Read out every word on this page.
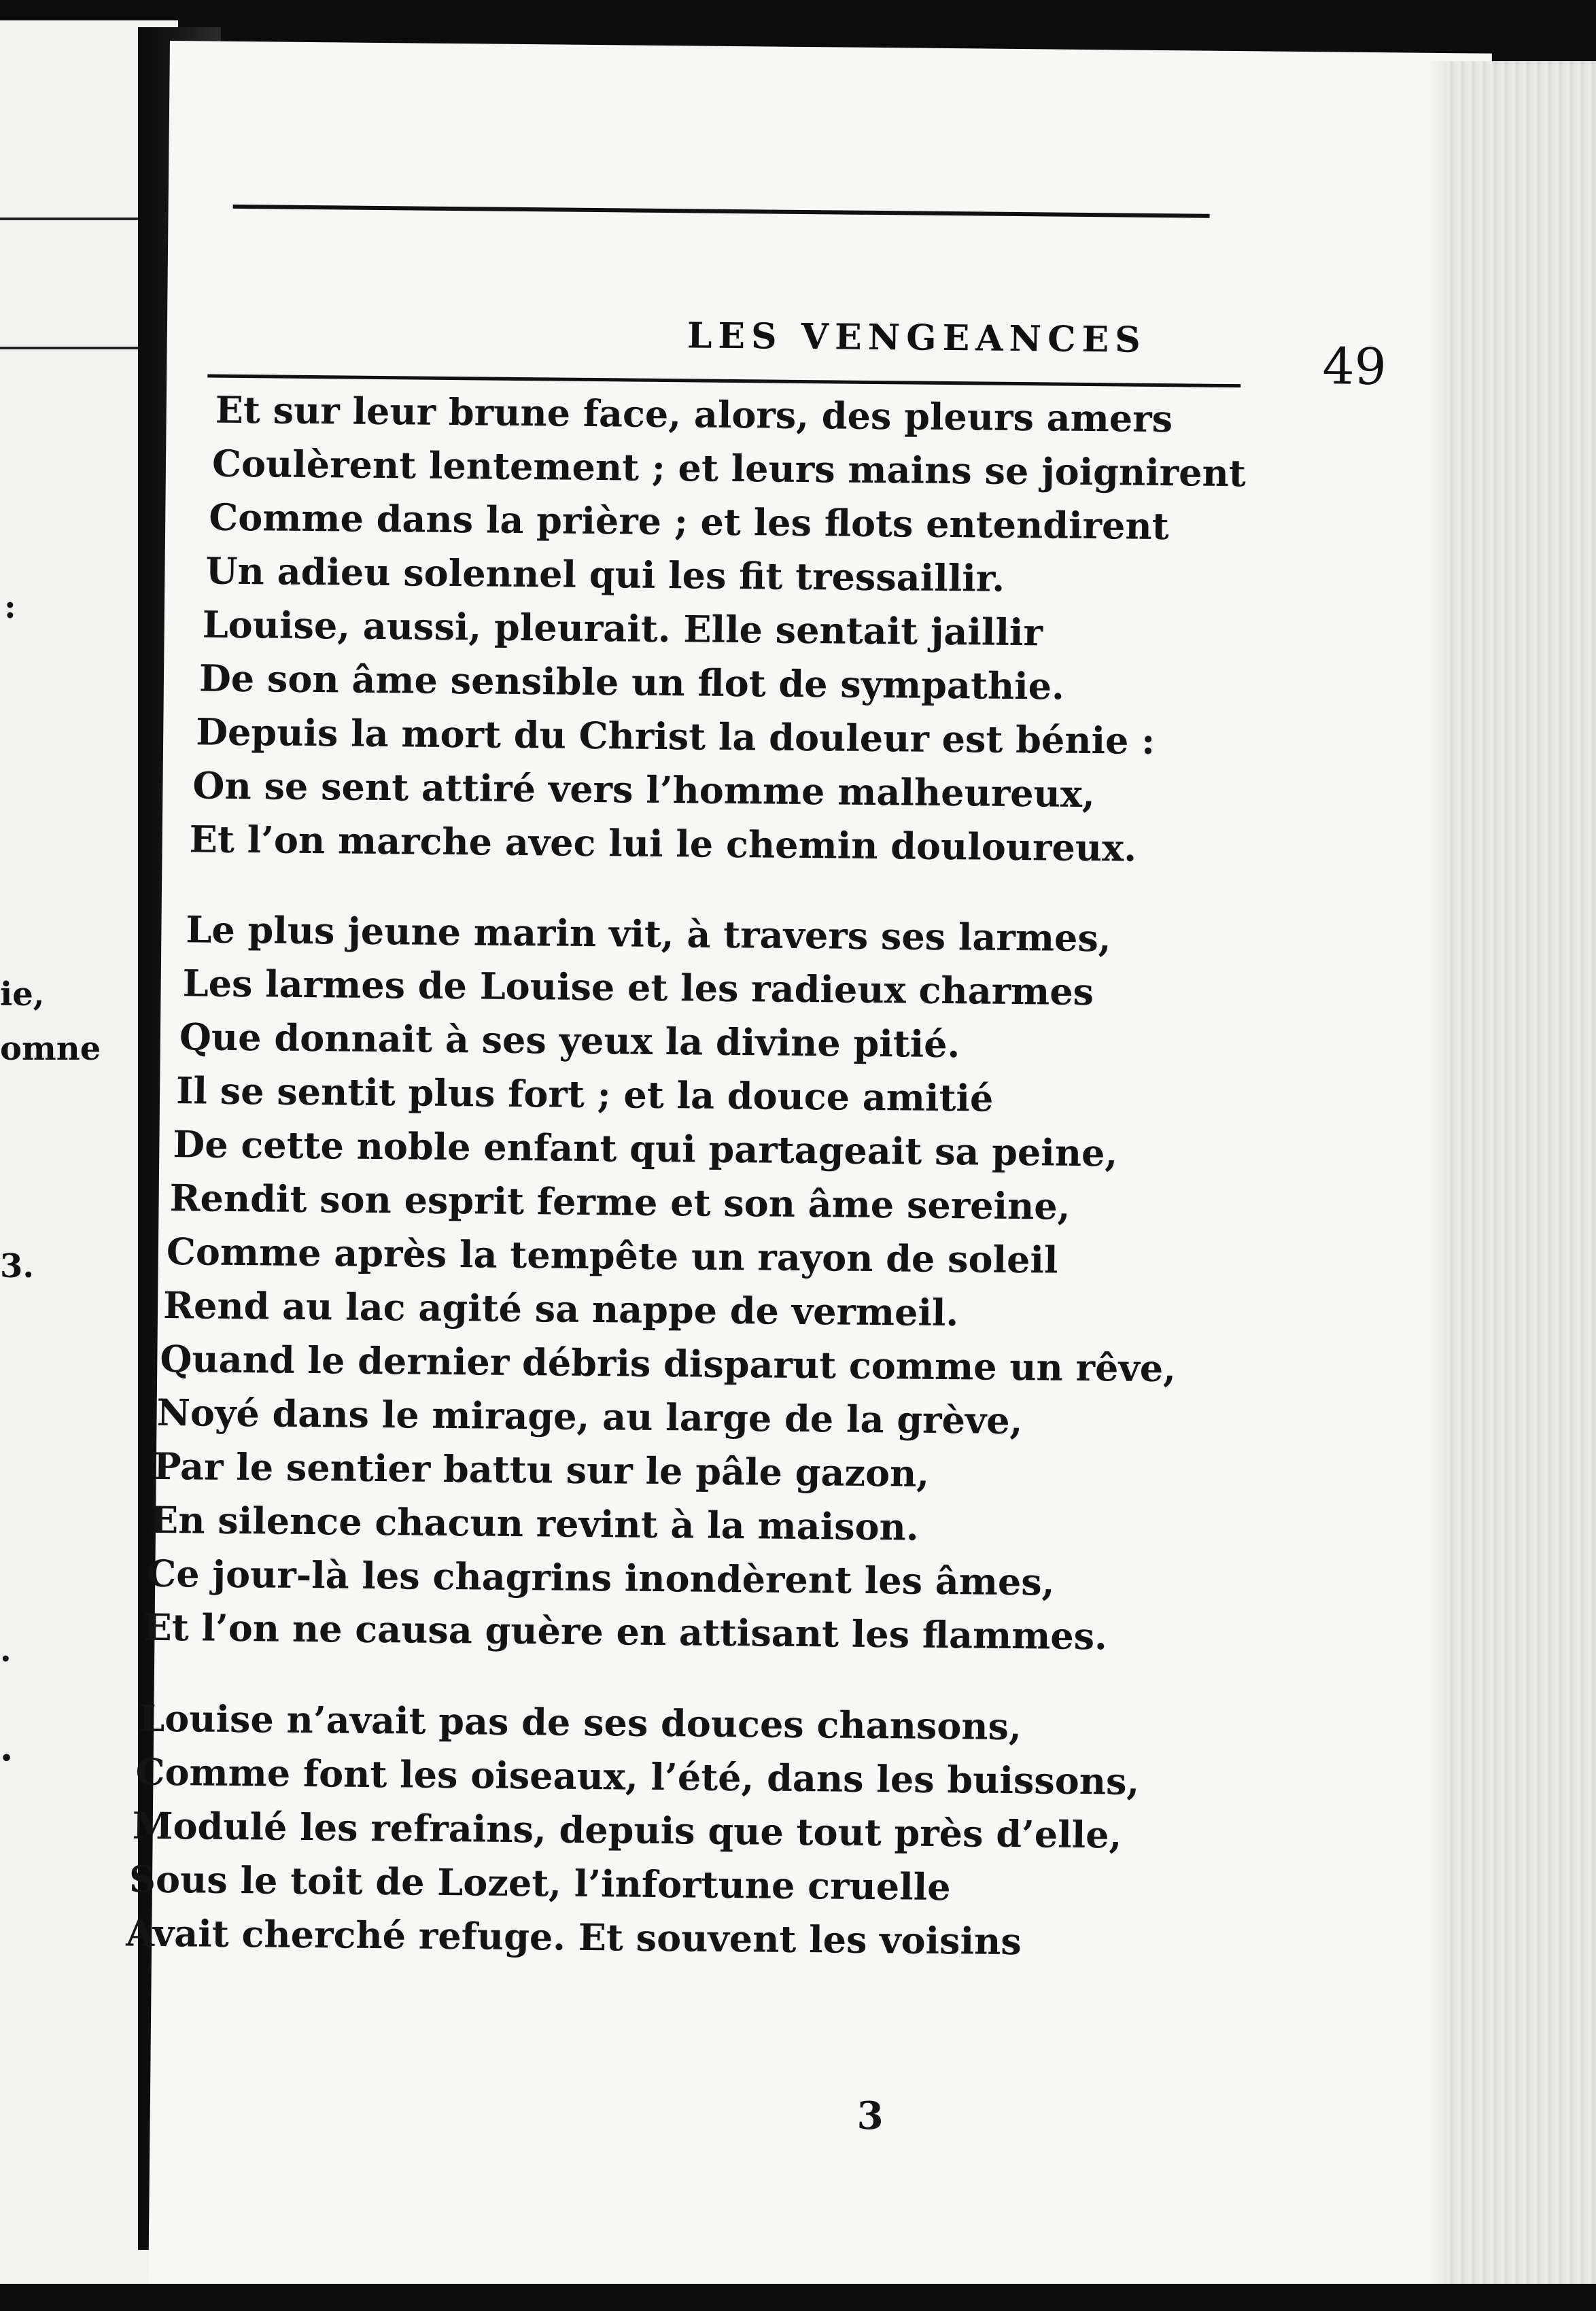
:
ie,
omne
3.
.
•
LES VENGEANCES	49
Et sur leur brune face, alors, des pleurs amers
Coulèrent lentement ; et leurs mains se joignirent
Comme dans la prière ; et les flots entendirent
Un adieu solennel qui les fit tressaillir.
Louise, aussi, pleurait. Elle sentait jaillir
De son âme sensible un flot de sympathie.
Depuis la mort du Christ la douleur est bénie :
On se sent attiré vers l’homme malheureux,
Et l’on marche avec lui le chemin douloureux.
Le plus jeune marin vit, à travers ses larmes,
Les larmes de Louise et les radieux charmes
Que donnait à ses yeux la divine pitié.
Il se sentit plus fort ; et la douce amitié
De cette noble enfant qui partageait sa peine,
Rendit son esprit ferme et son âme sereine,
Comme après la tempête un rayon de soleil
Rend au lac agité sa nappe de vermeil.
Quand le dernier débris disparut comme un rêve,
Noyé dans le mirage, au large de la grève,
Par le sentier battu sur le pâle gazon,
En silence chacun revint à la maison.
Ce jour-là les chagrins inondèrent les âmes,
Et l’on ne causa guère en attisant les flammes.
Louise n’avait pas de ses douces chansons,
Comme font les oiseaux, l’été, dans les buissons,
Modulé les refrains, depuis que tout près d’elle,
Sous le toit de Lozet, l’infortune cruelle
Avait cherché refuge. Et souvent les voisins
3
